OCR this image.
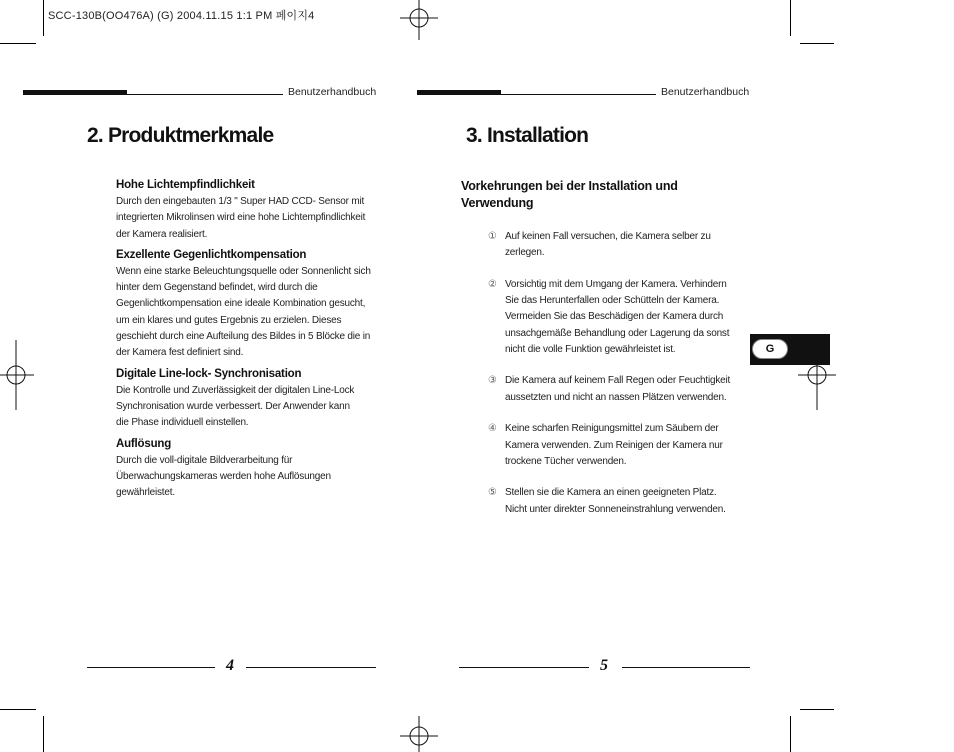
SCC-130B(OO476A) (G) 2004.11.15 1:1 PM 페이지4
Benutzerhandbuch
2. Produktmerkmale
Hohe Lichtempfindlichkeit

Durch den eingebauten 1/3 " Super HAD CCD- Sensor mit
integrierten Mikrolinsen wird eine hohe Lichtempfindlichkeit
der Kamera realisiert.

Exzellente Gegenlichtkompensation

Wenn eine starke Beleuchtungsquelle oder Sonnenlicht sich
hinter dem Gegenstand befindet, wird durch die
Gegenlichtkompensation eine ideale Kombination gesucht,
um ein klares und gutes Ergebnis zu erzielen. Dieses
geschieht durch eine Aufteilung des Bildes in 5 Blöcke die in
der Kamera fest definiert sind.

Digitale Line-lock- Synchronisation

Die Kontrolle und Zuverlässigkeit der digitalen Line-Lock
Synchronisation wurde verbessert. Der Anwender kann
die Phase individuell einstellen.

Auflösung

Durch die voll-digitale Bildverarbeitung für
Überwachungskameras werden hohe Auflösungen
gewährleistet.

4
Benutzerhandbuch
3. Installation
Vorkehrungen bei der Installation und
Verwendung
① Auf keinen Fall versuchen, die Kamera selber zu
zerlegen.
② Vorsichtig mit dem Umgang der Kamera. Verhindern
Sie das Herunterfallen oder Schütteln der Kamera.
Vermeiden Sie das Beschädigen der Kamera durch
unsachgemäße Behandlung oder Lagerung da sonst
nicht die volle Funktion gewährleistet ist.
③ Die Kamera auf keinem Fall Regen oder Feuchtigkeit
aussetzten und nicht an nassen Plätzen verwenden.
④ Keine scharfen Reinigungsmittel zum Säubern der
Kamera verwenden. Zum Reinigen der Kamera nur
trockene Tücher verwenden.
⑤ Stellen sie die Kamera an einen geeigneten Platz.
Nicht unter direkter Sonneneinstrahlung verwenden.
G
5
